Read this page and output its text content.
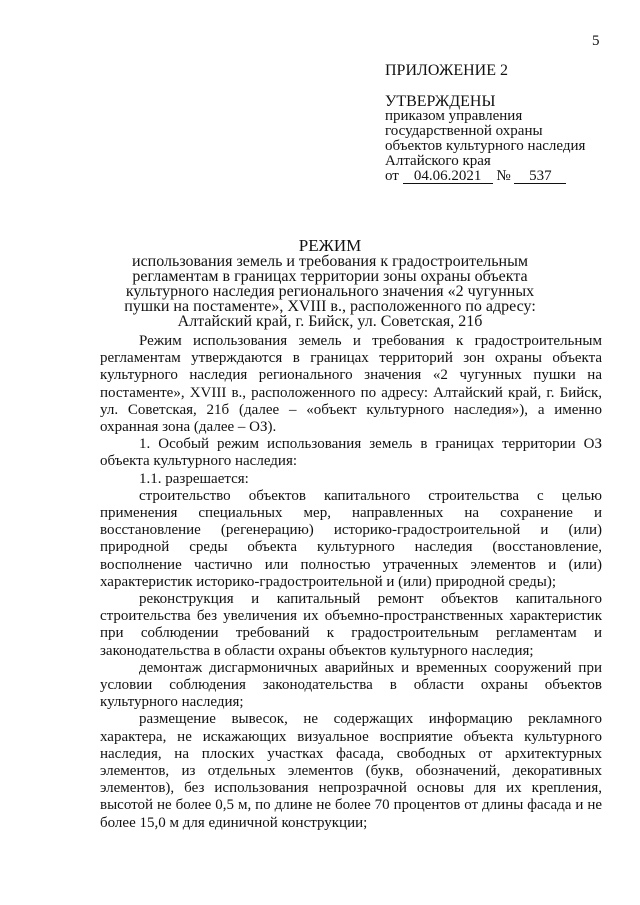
5
ПРИЛОЖЕНИЕ 2
УТВЕРЖДЕНЫ
приказом управления
государственной охраны
объектов культурного наследия
Алтайского края
от 04.06.2021 № 537
РЕЖИМ
использования земель и требования к градостроительным
регламентам в границах территории зоны охраны объекта
культурного наследия регионального значения «2 чугунных
пушки на постаменте», XVIII в., расположенного по адресу:
Алтайский край, г. Бийск, ул. Советская, 21б

Режим использования земель и требования к градостроительным регламентам утверждаются в границах территорий зон охраны объекта культурного наследия регионального значения «2 чугунных пушки на постаменте», XVIII в., расположенного по адресу: Алтайский край, г. Бийск, ул. Советская, 21б (далее – «объект культурного наследия»), а именно охранная зона (далее – ОЗ).

1. Особый режим использования земель в границах территории ОЗ объекта культурного наследия:

1.1. разрешается:

строительство объектов капитального строительства с целью применения специальных мер, направленных на сохранение и восстановление (регенерацию) историко-градостроительной и (или) природной среды объекта культурного наследия (восстановление, восполнение частично или полностью утраченных элементов и (или) характеристик историко-градостроительной и (или) природной среды);

реконструкция и капитальный ремонт объектов капитального строительства без увеличения их объемно-пространственных характеристик при соблюдении требований к градостроительным регламентам и законодательства в области охраны объектов культурного наследия;

демонтаж дисгармоничных аварийных и временных сооружений при условии соблюдения законодательства в области охраны объектов культурного наследия;

размещение вывесок, не содержащих информацию рекламного характера, не искажающих визуальное восприятие объекта культурного наследия, на плоских участках фасада, свободных от архитектурных элементов, из отдельных элементов (букв, обозначений, декоративных элементов), без использования непрозрачной основы для их крепления, высотой не более 0,5 м, по длине не более 70 процентов от длины фасада и не более 15,0 м для единичной конструкции;
